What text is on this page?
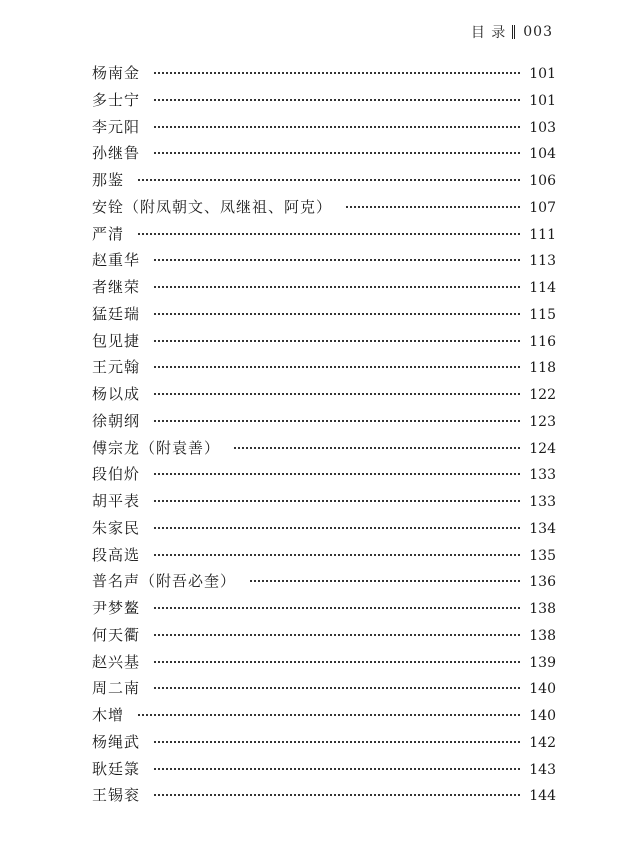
目 录 003
杨南金	101
多士宁	101
李元阳	103
孙继鲁	104
那鉴	106
安铨（附凤朝文、凤继祖、阿克）	107
严清	111
赵重华	113
者继荣	114
猛廷瑞	115
包见捷	116
王元翰	118
杨以成	122
徐朝纲	123
傅宗龙（附袁善）	124
段伯炌	133
胡平表	133
朱家民	134
段高选	135
普名声（附吾必奎）	136
尹梦鳌	138
何天衢	138
赵兴基	139
周二南	140
木增	140
杨绳武	142
耿廷箓	143
王锡衮	144
